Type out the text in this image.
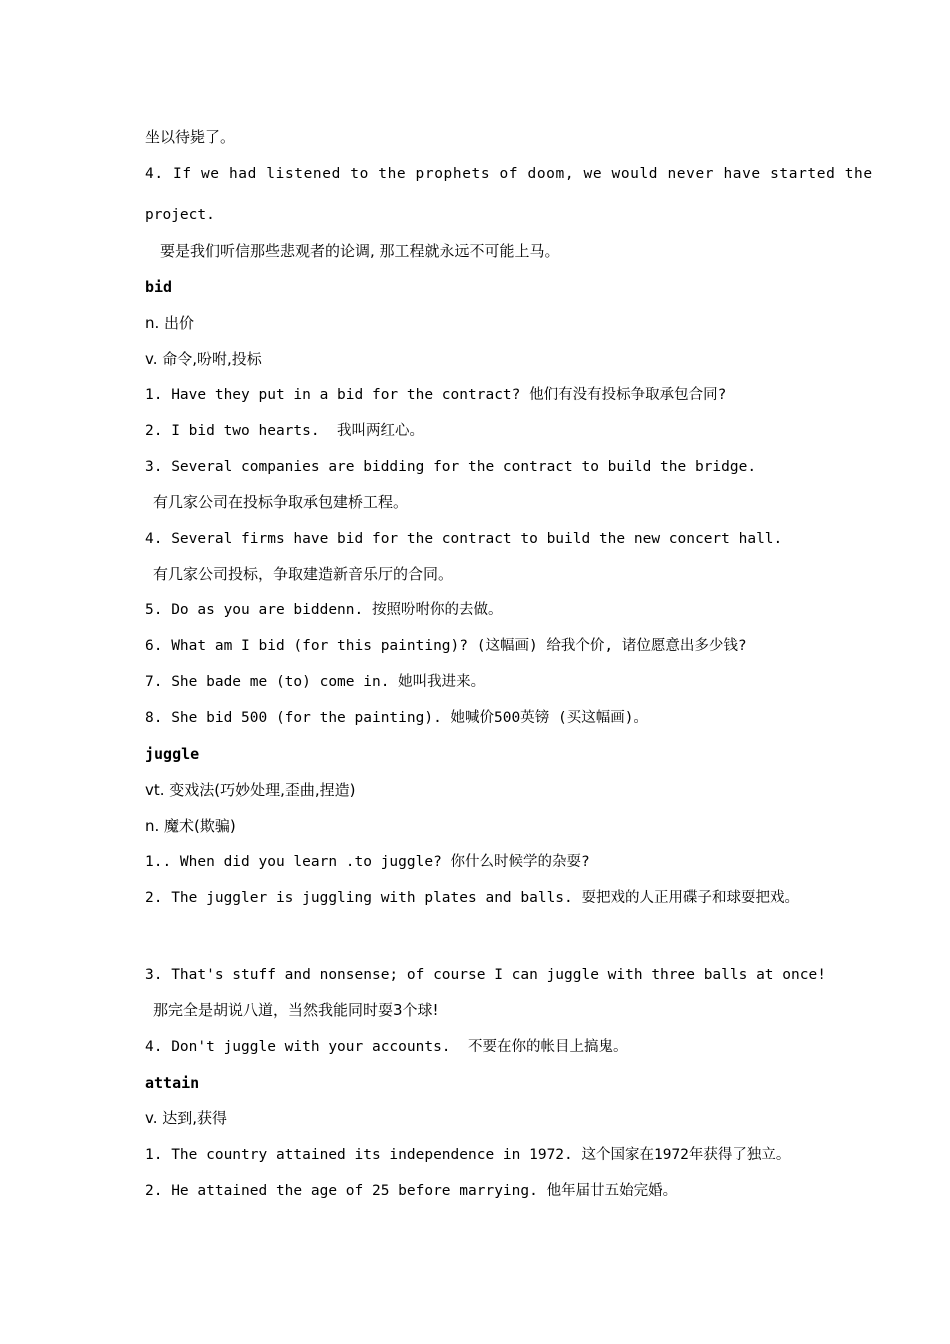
坐以待毙了。
4. If we had listened to the prophets of doom, we would never have started the
project.
要是我们听信那些悲观者的论调, 那工程就永远不可能上马。
bid
n. 出价
v. 命令,吩咐,投标
1. Have they put in a bid for the contract? 他们有没有投标争取承包合同?
2. I bid two hearts.  我叫两红心。
3. Several companies are bidding for the contract to build the bridge.
有几家公司在投标争取承包建桥工程。
4. Several firms have bid for the contract to build the new concert hall.
有几家公司投标，争取建造新音乐厅的合同。
5. Do as you are biddenn. 按照吩咐你的去做。
6. What am I bid (for this painting)? (这幅画) 给我个价, 诸位愿意出多少钱?
7. She bade me (to) come in. 她叫我进来。
8. She bid 500 (for the painting). 她喊价500英镑 (买这幅画)。
juggle
vt. 变戏法(巧妙处理,歪曲,捏造)
n. 魔术(欺骗)
1.. When did you learn .to juggle? 你什么时候学的杂耍?
2. The juggler is juggling with plates and balls. 耍把戏的人正用碟子和球耍把戏。
3. That's stuff and nonsense; of course I can juggle with three balls at once!
那完全是胡说八道，当然我能同时耍3个球!
4. Don't juggle with your accounts.  不要在你的帐目上搞鬼。
attain
v. 达到,获得
1. The country attained its independence in 1972. 这个国家在1972年获得了独立。
2. He attained the age of 25 before marrying. 他年届廿五始完婚。
